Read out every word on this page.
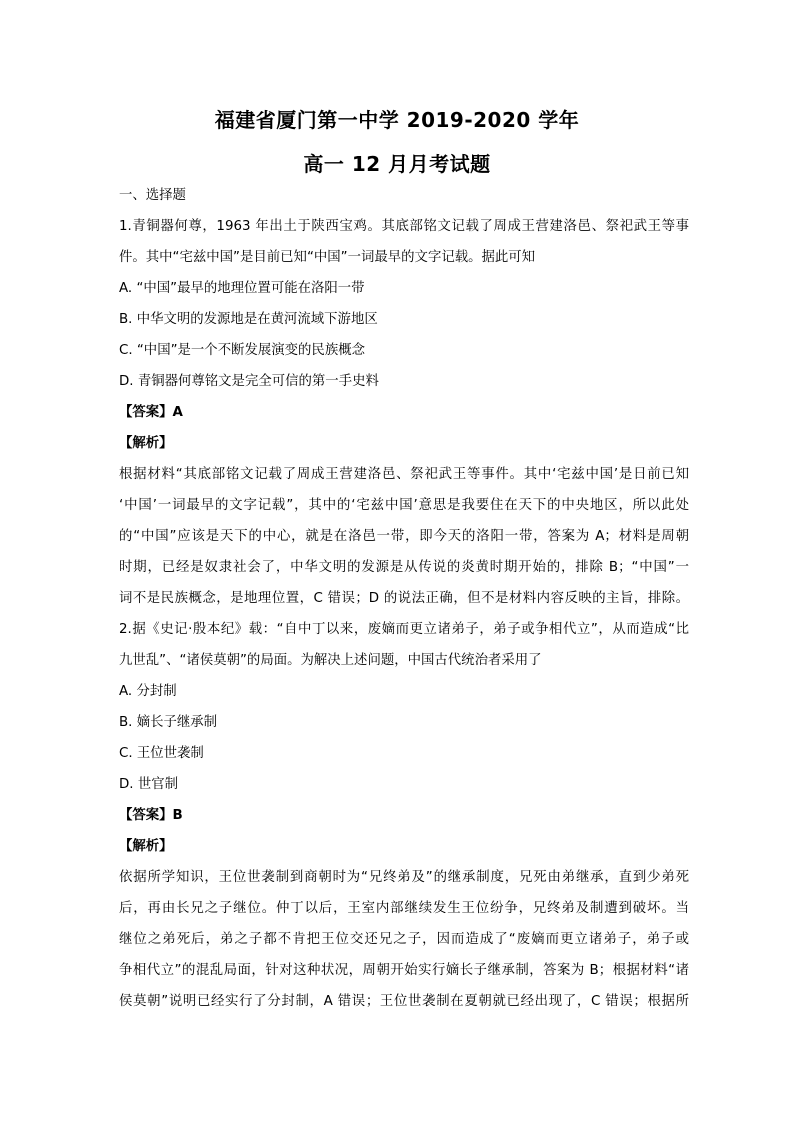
福建省厦门第一中学 2019-2020 学年
高一 12 月月考试题
一、选择题
1.青铜器何尊，1963 年出土于陕西宝鸡。其底部铭文记载了周成王营建洛邑、祭祀武王等事
件。其中“宅兹中国”是目前已知“中国”一词最早的文字记载。据此可知
A. “中国”最早的地理位置可能在洛阳一带
B. 中华文明的发源地是在黄河流域下游地区
C. “中国”是一个不断发展演变的民族概念
D. 青铜器何尊铭文是完全可信的第一手史料
【答案】A
【解析】
根据材料“其底部铭文记载了周成王营建洛邑、祭祀武王等事件。其中‘宅兹中国’是日前已知
‘中国’一词最早的文字记载”，其中的‘宅兹中国’意思是我要住在天下的中央地区，所以此处
的“中国”应该是天下的中心，就是在洛邑一带，即今天的洛阳一带，答案为 A；材料是周朝
时期，已经是奴隶社会了，中华文明的发源是从传说的炎黄时期开始的，排除 B；“中国”一
词不是民族概念，是地理位置，C 错误；D 的说法正确，但不是材料内容反映的主旨，排除。
2.据《史记·殷本纪》载：“自中丁以来，废嫡而更立诸弟子，弟子或争相代立”，从而造成“比
九世乱”、“诸侯莫朝”的局面。为解决上述问题，中国古代统治者采用了
A. 分封制
B. 嫡长子继承制
C. 王位世袭制
D. 世官制
【答案】B
【解析】
依据所学知识，王位世袭制到商朝时为“兄终弟及”的继承制度，兄死由弟继承，直到少弟死
后，再由长兄之子继位。仲丁以后，王室内部继续发生王位纷争，兄终弟及制遭到破坏。当
继位之弟死后，弟之子都不肯把王位交还兄之子，因而造成了“废嫡而更立诸弟子，弟子或
争相代立”的混乱局面，针对这种状况，周朝开始实行嫡长子继承制，答案为 B；根据材料“诸
侯莫朝”说明已经实行了分封制，A 错误；王位世袭制在夏朝就已经出现了，C 错误；根据所
